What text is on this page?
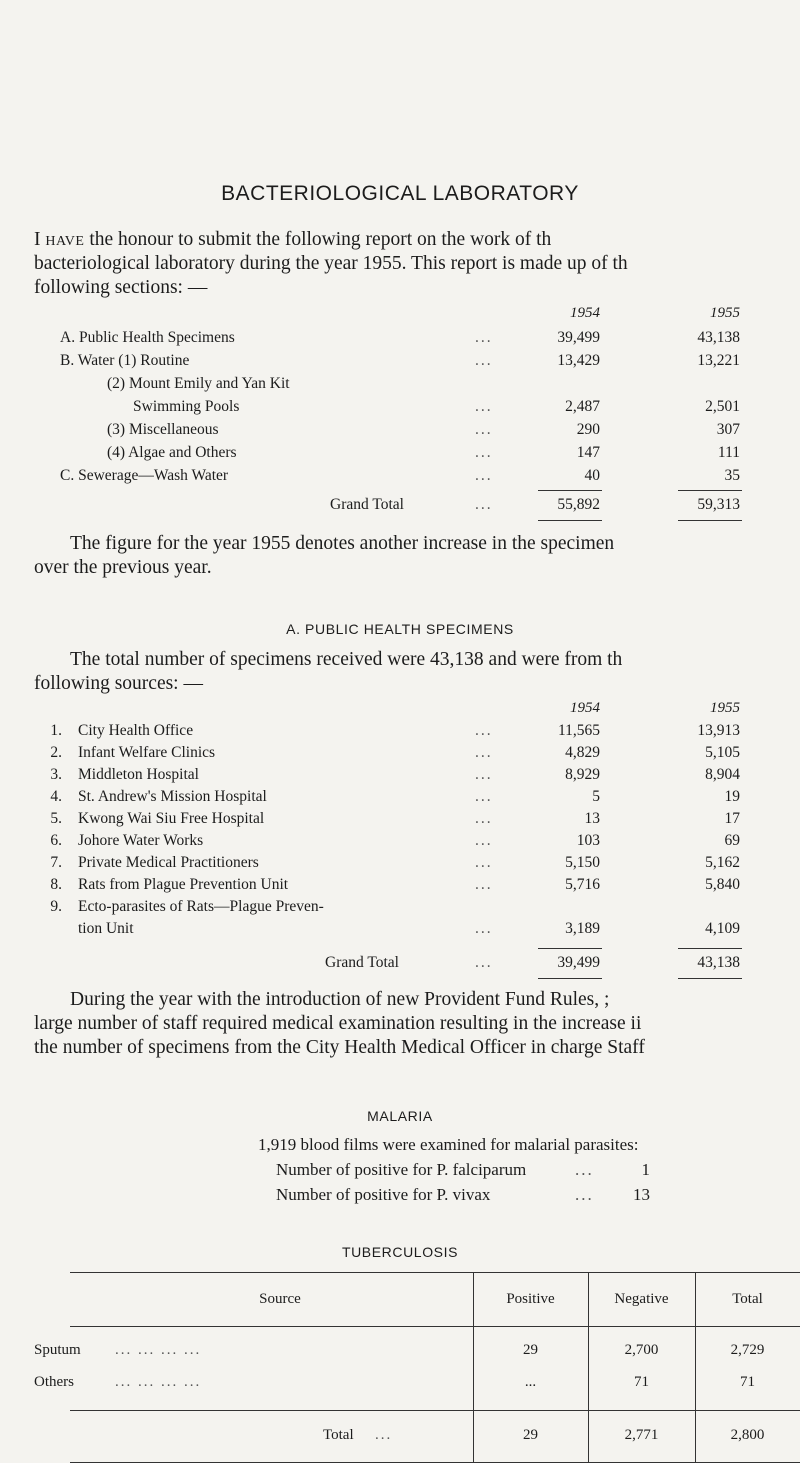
BACTERIOLOGICAL LABORATORY
I HAVE the honour to submit the following report on the work of th
bacteriological laboratory during the year 1955. This report is made up of th
following sections: —
1954	1955
A. Public Health Specimens	...	39,499	43,138
B. Water (1) Routine	...	13,429	13,221
(2) Mount Emily and Yan Kit
Swimming Pools	...	2,487	2,501
(3) Miscellaneous	...	290	307
(4) Algae and Others	...	147	111
C. Sewerage—Wash Water	...	40	35
Grand Total	...	55,892	59,313
The figure for the year 1955 denotes another increase in the specimen
over the previous year.
A. PUBLIC HEALTH SPECIMENS
The total number of specimens received were 43,138 and were from th
following sources: —
1954	1955
1. City Health Office	...	11,565	13,913
2. Infant Welfare Clinics	...	4,829	5,105
3. Middleton Hospital	...	8,929	8,904
4. St. Andrew's Mission Hospital	...	5	19
5. Kwong Wai Siu Free Hospital	...	13	17
6. Johore Water Works	...	103	69
7. Private Medical Practitioners	...	5,150	5,162
8. Rats from Plague Prevention Unit	...	5,716	5,840
9. Ecto-parasites of Rats—Plague Preven-
tion Unit	...	3,189	4,109
Grand Total	...	39,499	43,138
During the year with the introduction of new Provident Fund Rules, ;
large number of staff required medical examination resulting in the increase ii
the number of specimens from the City Health Medical Officer in charge Staff
MALARIA
1,919 blood films were examined for malarial parasites:
Number of positive for P. falciparum	...	1
Number of positive for P. vivax	...	13
TUBERCULOSIS
Source	Positive	Negative	Total
Sputum ... ... ... ...	29	2,700	2,729
Others	... ... ... ...	...	71	71
Total ...	29	2,771	2,800
